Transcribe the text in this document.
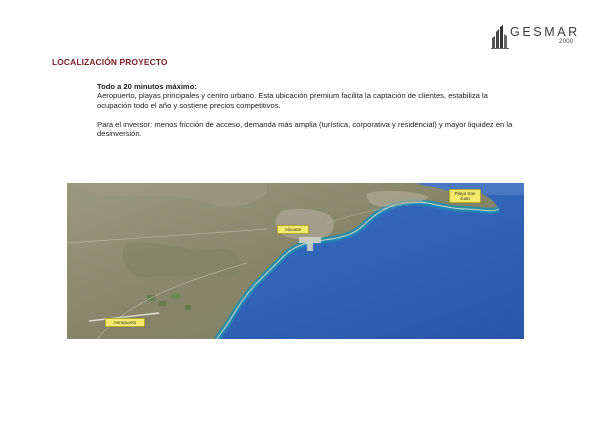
GESMAR
2000
LOCALIZACIÓN PROYECTO

Todo a 20 minutos máximo:
Aeropuerto, playas principales y centro urbano. Esta ubicación premium facilita la captación de clientes, estabiliza la ocupación todo el año y sostiene precios competitivos.

Para el inversor: menos fricción de acceso, demanda más amplia (turística, corporativa y residencial) y mayor liquidez en la desinversión.

Alicante
Playa San Juan
Aeropuerto
